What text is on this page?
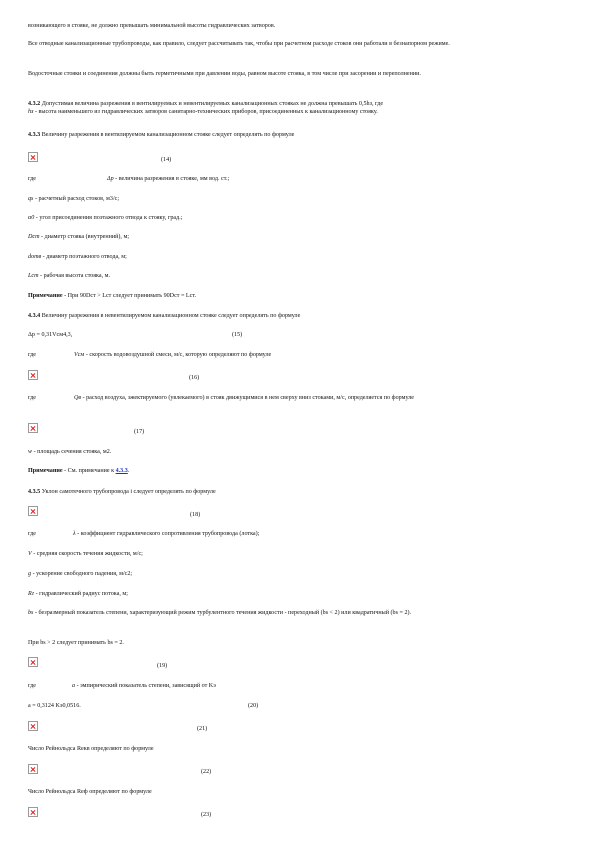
возникающего в стояке, не должно превышать минимальной высоты гидравлических затворов.
Все отводные канализационные трубопроводы, как правило, следует рассчитывать так, чтобы при расчетном расходе стоков они работали в безнапорном режиме.
Водосточные стояки и соединения должны быть герметичными при давлении воды, равном высоте стояка, в том числе при засорении и переполнении.
4.3.2 Допустимая величина разрежения в вентилируемых и невентилируемых канализационных стояках не должна превышать 0,5hз, где
hз - высота наименьшего из гидравлических затворов санитарно-технических приборов, присоединенных к канализационному стояку.
4.3.3 Величину разрежения в вентилируемом канализационном стояке следует определять по формуле
(14)
где	Δp - величина разрежения в стояке, мм вод. ст.;
qs - расчетный расход стоков, м3/с;
α0 - угол присоединения поэтажного отвода к стояку, град.;
Dст - диаметр стояка (внутренний), м;
dотв - диаметр поэтажного отвода, м;
Lст - рабочая высота стояка, м.
Примечание - При 90Dст > Lст следует принимать 90Dст = Lст.
4.3.4 Величину разрежения в невентилируемом канализационном стояке следует определять по формуле
Δp = 0,31Vсм4,3,	(15)
где	Vсм - скорость водовоздушной смеси, м/с, которую определяют по формуле
(16)
где	Qв - расход воздуха, эжектируемого (увлекаемого) в стояк движущимися в нем сверху вниз стоками, м/с, определяется по формуле
(17)
w - площадь сечения стояка, м2.
Примечание - См. примечание к 4.3.3.
4.3.5 Уклон самотечного трубопровода i следует определять по формуле
(18)
где	λ - коэффициент гидравлического сопротивления трубопровода (лотка);
V - средняя скорость течения жидкости, м/с;
g - ускорение свободного падения, м/с2;
Rг - гидравлический радиус потока, м;
bs - безразмерный показатель степени, характеризующий режим турбулентного течения жидкости - переходный (bs < 2) или квадратичный (bs = 2).
При bs > 2 следует принимать bs = 2.
(19)
где	a - эмпирический показатель степени, зависящий от Kэ
a = 0,3124 Kэ0,0516.	(20)
(21)
Число Рейнольдса Reкв определяют по формуле
(22)
Число Рейнольдса Reф определяют по формуле
(23)
